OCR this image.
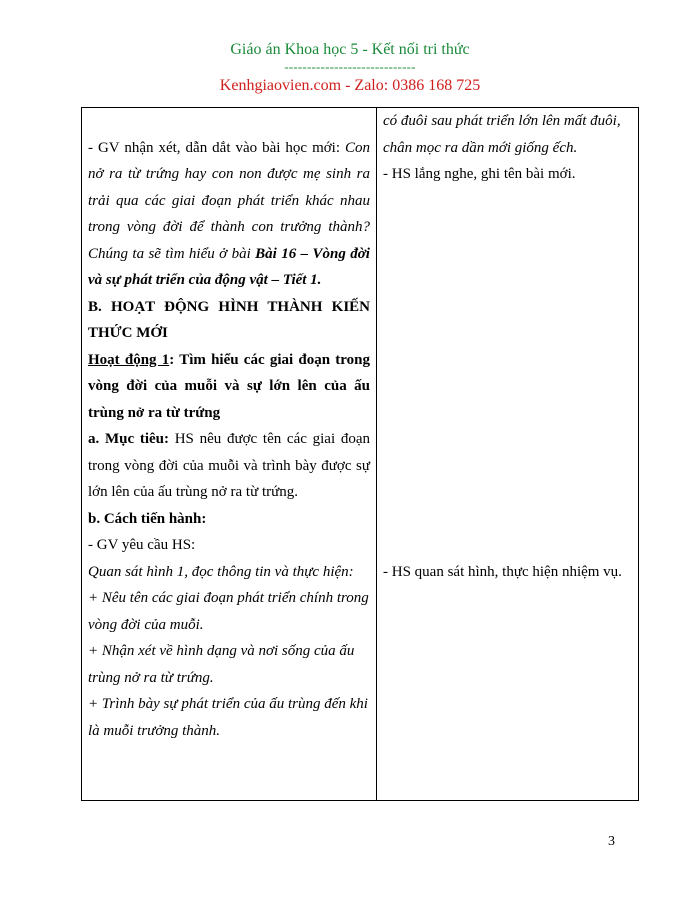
Giáo án Khoa học 5 - Kết nối tri thức
-----------------------------
Kenhgiaovien.com - Zalo: 0386 168 725
- GV nhận xét, dẫn dắt vào bài học mới: Con
nở ra từ trứng hay con non được mẹ sinh ra
trải qua các giai đoạn phát triển khác nhau
trong vòng đời để thành con trưởng thành?
Chúng ta sẽ tìm hiểu ở bài Bài 16 – Vòng đời
và sự phát triển của động vật – Tiết 1.
B. HOẠT ĐỘNG HÌNH THÀNH KIẾN
THỨC MỚI
Hoạt động 1: Tìm hiểu các giai đoạn trong
vòng đời của muỗi và sự lớn lên của ấu
trùng nở ra từ trứng
a. Mục tiêu: HS nêu được tên các giai đoạn
trong vòng đời của muỗi và trình bày được sự
lớn lên của ấu trùng nở ra từ trứng.
b. Cách tiến hành:
- GV yêu cầu HS:
Quan sát hình 1, đọc thông tin và thực hiện:
+ Nêu tên các giai đoạn phát triển chính trong
vòng đời của muỗi.
+ Nhận xét về hình dạng và nơi sống của ấu
trùng nở ra từ trứng.
+ Trình bày sự phát triển của ấu trùng đến khi
là muỗi trưởng thành.
có đuôi sau phát triển lớn lên mất đuôi,
chân mọc ra dần mới giống ếch.
- HS lắng nghe, ghi tên bài mới.
- HS quan sát hình, thực hiện nhiệm vụ.
3
